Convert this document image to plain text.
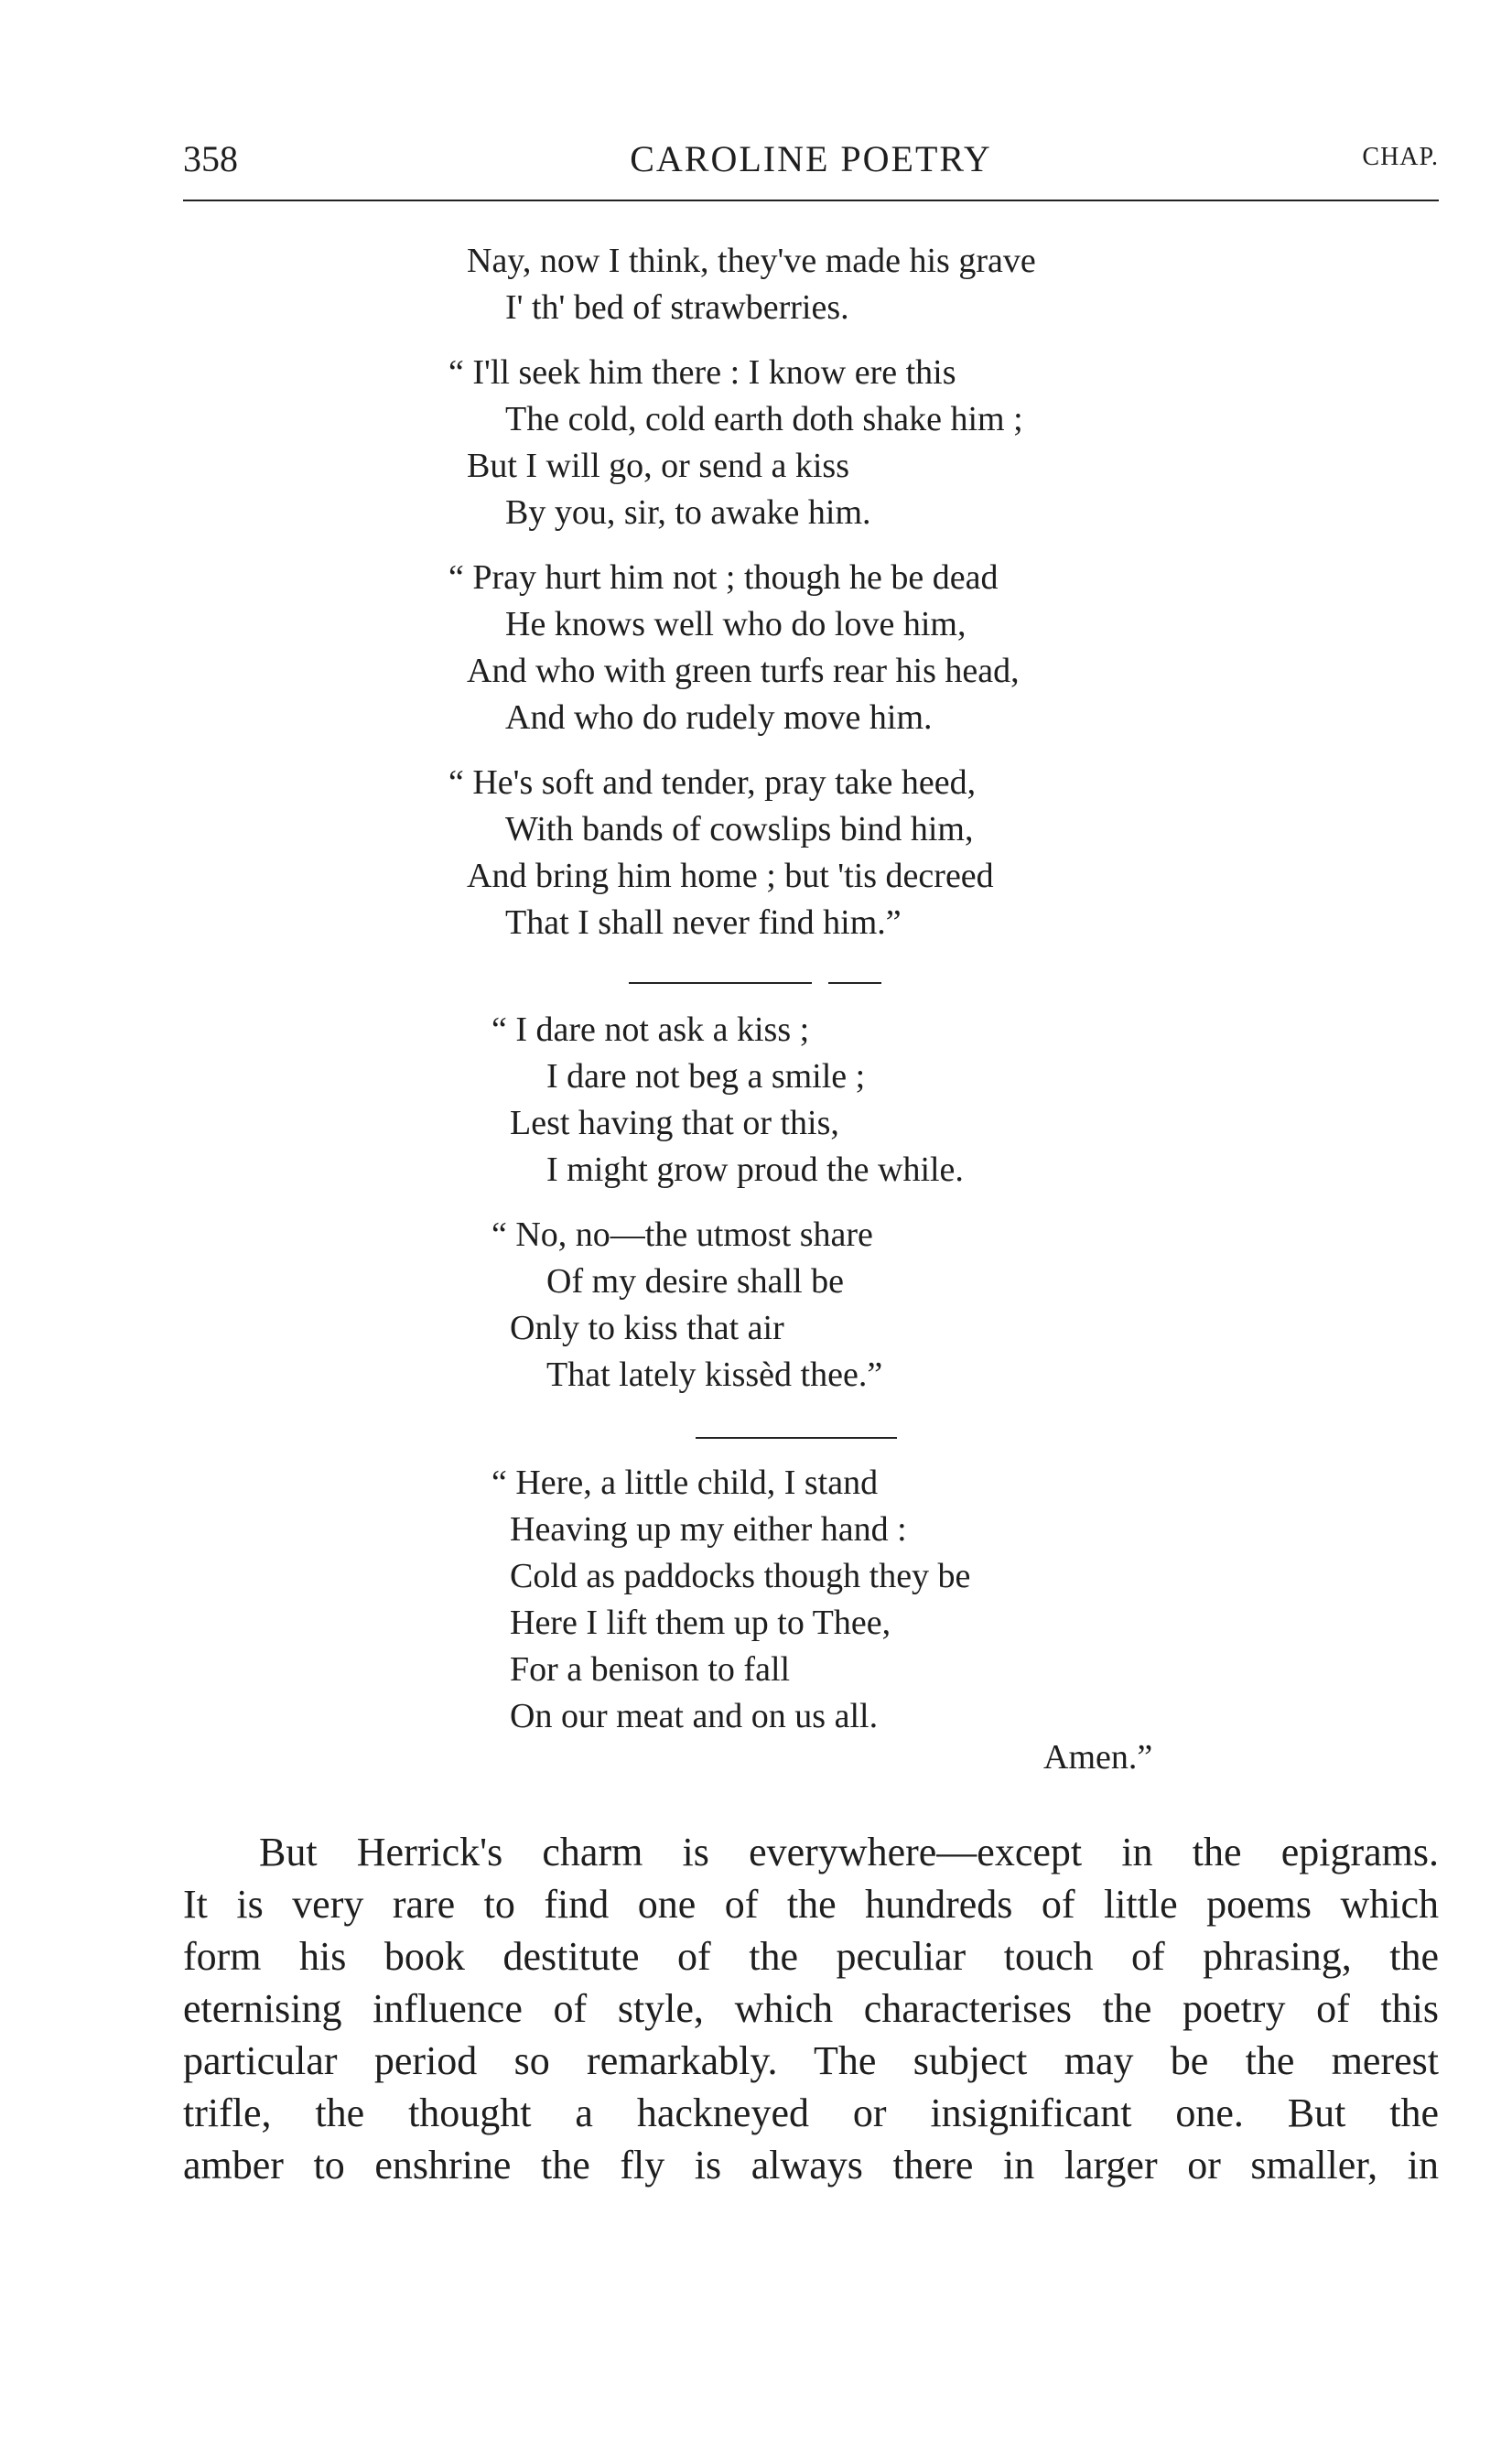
358	CAROLINE POETRY	CHAP.
Nay, now I think, they've made his grave
I' th' bed of strawberries.
“ I'll seek him there : I know ere this
The cold, cold earth doth shake him ;
But I will go, or send a kiss
By you, sir, to awake him.
“ Pray hurt him not ; though he be dead
He knows well who do love him,
And who with green turfs rear his head,
And who do rudely move him.
“ He's soft and tender, pray take heed,
With bands of cowslips bind him,
And bring him home ; but 'tis decreed
That I shall never find him.”
“ I dare not ask a kiss ;
I dare not beg a smile ;
Lest having that or this,
I might grow proud the while.
“ No, no—the utmost share
Of my desire shall be
Only to kiss that air
That lately kissèd thee.”
“ Here, a little child, I stand
Heaving up my either hand :
Cold as paddocks though they be
Here I lift them up to Thee,
For a benison to fall
On our meat and on us all.
Amen.”
But Herrick's charm is everywhere—except in the epigrams.
It is very rare to find one of the hundreds of little poems which
form his book destitute of the peculiar touch of phrasing, the
eternising influence of style, which characterises the poetry of this
particular period so remarkably. The subject may be the merest
trifle, the thought a hackneyed or insignificant one. But the
amber to enshrine the fly is always there in larger or smaller, in
